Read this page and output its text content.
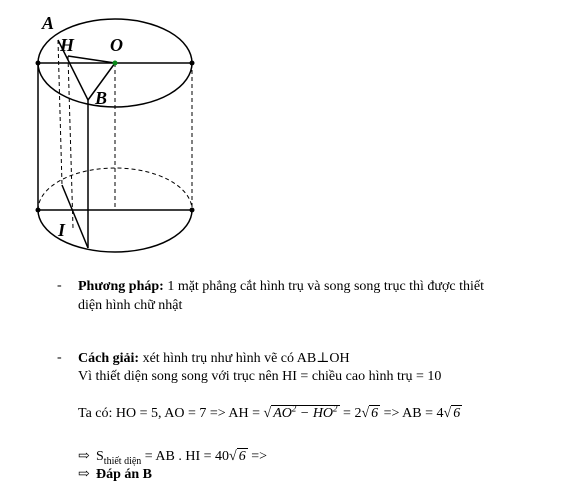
A
H O
B
I
- Phương pháp: 1 mặt phẳng cắt hình trụ và song song trục thì được thiết
diện hình chữ nhật
- Cách giải: xét hình trụ như hình vẽ có AB⊥OH
Vì thiết diện song song với trục nên HI = chiều cao hình trụ = 10
Ta có: HO = 5, AO = 7 => AH = √ $AO^2 - HO^2 = 2√$ 6 => AB = 4√ 6
⇨ $S_{thiết diện}$ = AB . HI = 40√ 6 =>
⇨ Đáp án B
